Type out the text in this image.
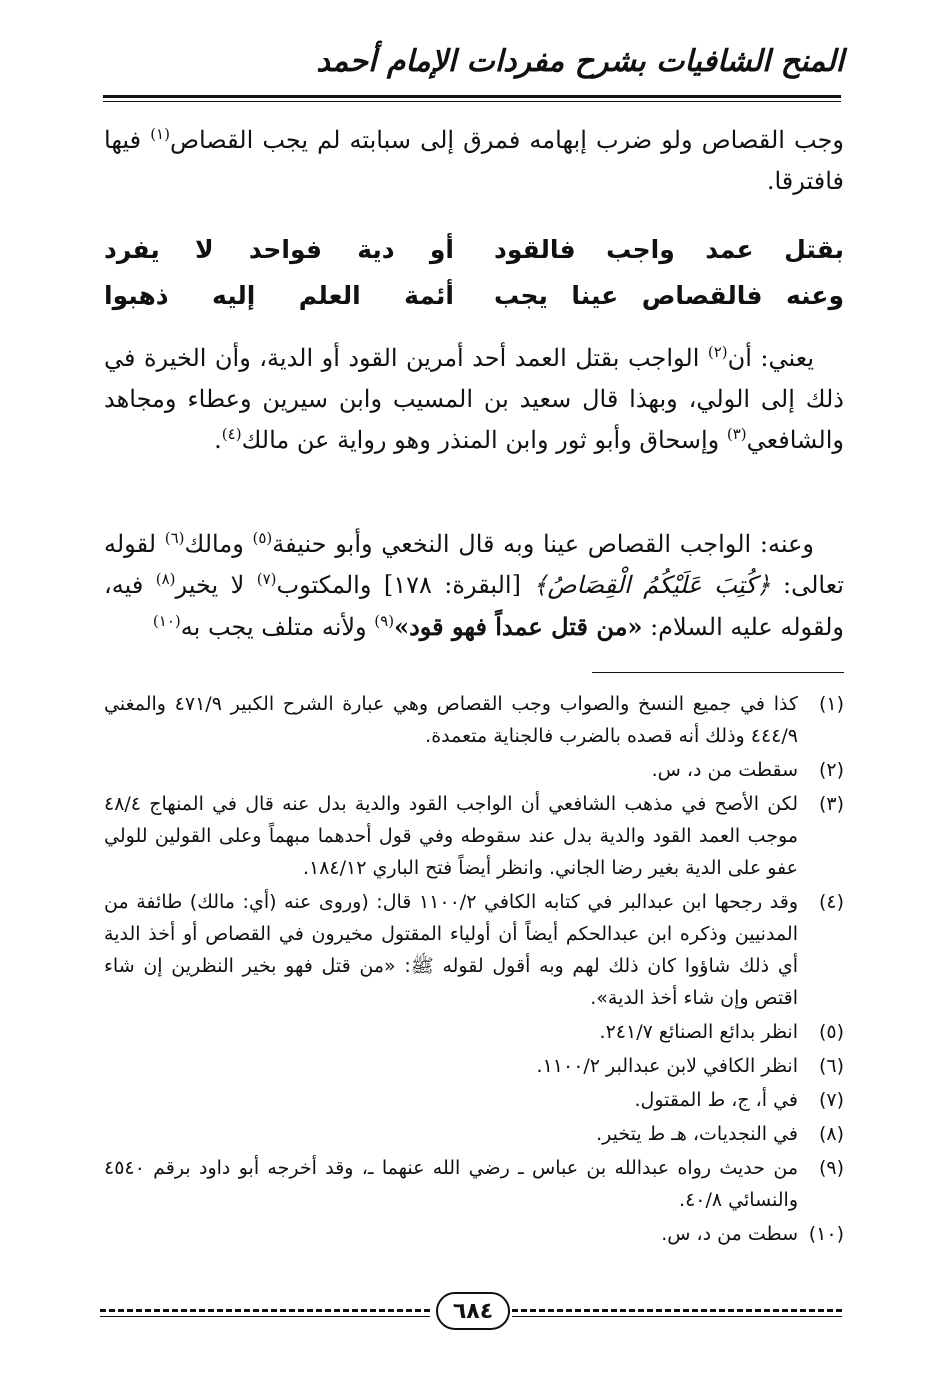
المنح الشافيات بشرح مفردات الإمام أحمد

وجب القصاص ولو ضرب إبهامه فمرق إلى سبابته لم يجب القصاص$^{(١)}$ فيها فافترقا.

بقتل عمد واجب فالقود
أو دية فواحد لا يفرد
وعنه فالقصاص عينا يجب
أئمة العلم إليه ذهبوا

يعني: أن$^{(٢)}$ الواجب بقتل العمد أحد أمرين القود أو الدية، وأن الخيرة في ذلك إلى الولي، وبهذا قال سعيد بن المسيب وابن سيرين وعطاء ومجاهد والشافعي$^{(٣)}$ وإسحاق وأبو ثور وابن المنذر وهو رواية عن مالك$^{(٤)}$.

وعنه: الواجب القصاص عينا وبه قال النخعي وأبو حنيفة$^{(٥)}$ ومالك$^{(٦)}$ لقوله تعالى: ﴿كُتِبَ عَلَيْكُمُ الْقِصَاصُ﴾ [البقرة: ١٧٨] والمكتوب$^{(٧)}$ لا يخير$^{(٨)}$ فيه، ولقوله عليه السلام: «من قتل عمداً فهو قود»$^{(٩)}$ ولأنه متلف يجب به$^{(١٠)}$

(١)
كذا في جميع النسخ والصواب وجب القصاص وهي عبارة الشرح الكبير ٤٧١/٩ والمغني ٤٤٤/٩ وذلك أنه قصده بالضرب فالجناية متعمدة.
(٢)
سقطت من د، س.
(٣)
لكن الأصح في مذهب الشافعي أن الواجب القود والدية بدل عنه قال في المنهاج ٤٨/٤ موجب العمد القود والدية بدل عند سقوطه وفي قول أحدهما مبهماً وعلى القولين للولي عفو على الدية بغير رضا الجاني. وانظر أيضاً فتح الباري ١٨٤/١٢.
(٤)
وقد رجحها ابن عبدالبر في كتابه الكافي ١١٠٠/٢ قال: (وروى عنه (أي: مالك) طائفة من المدنيين وذكره ابن عبدالحكم أيضاً أن أولياء المقتول مخيرون في القصاص أو أخذ الدية أي ذلك شاؤوا كان ذلك لهم وبه أقول لقوله ﷺ: «من قتل فهو بخير النظرين إن شاء اقتص وإن شاء أخذ الدية».
(٥)
انظر بدائع الصنائع ٢٤١/٧.
(٦)
انظر الكافي لابن عبدالبر ١١٠٠/٢.
(٧)
في أ، ج، ط المقتول.
(٨)
في النجديات، هـ ط يتخير.
(٩)
من حديث رواه عبدالله بن عباس ـ رضي الله عنهما ـ، وقد أخرجه أبو داود برقم ٤٥٤٠ والنسائي ٤٠/٨.
(١٠)
سطت من د، س.
٦٨٤
